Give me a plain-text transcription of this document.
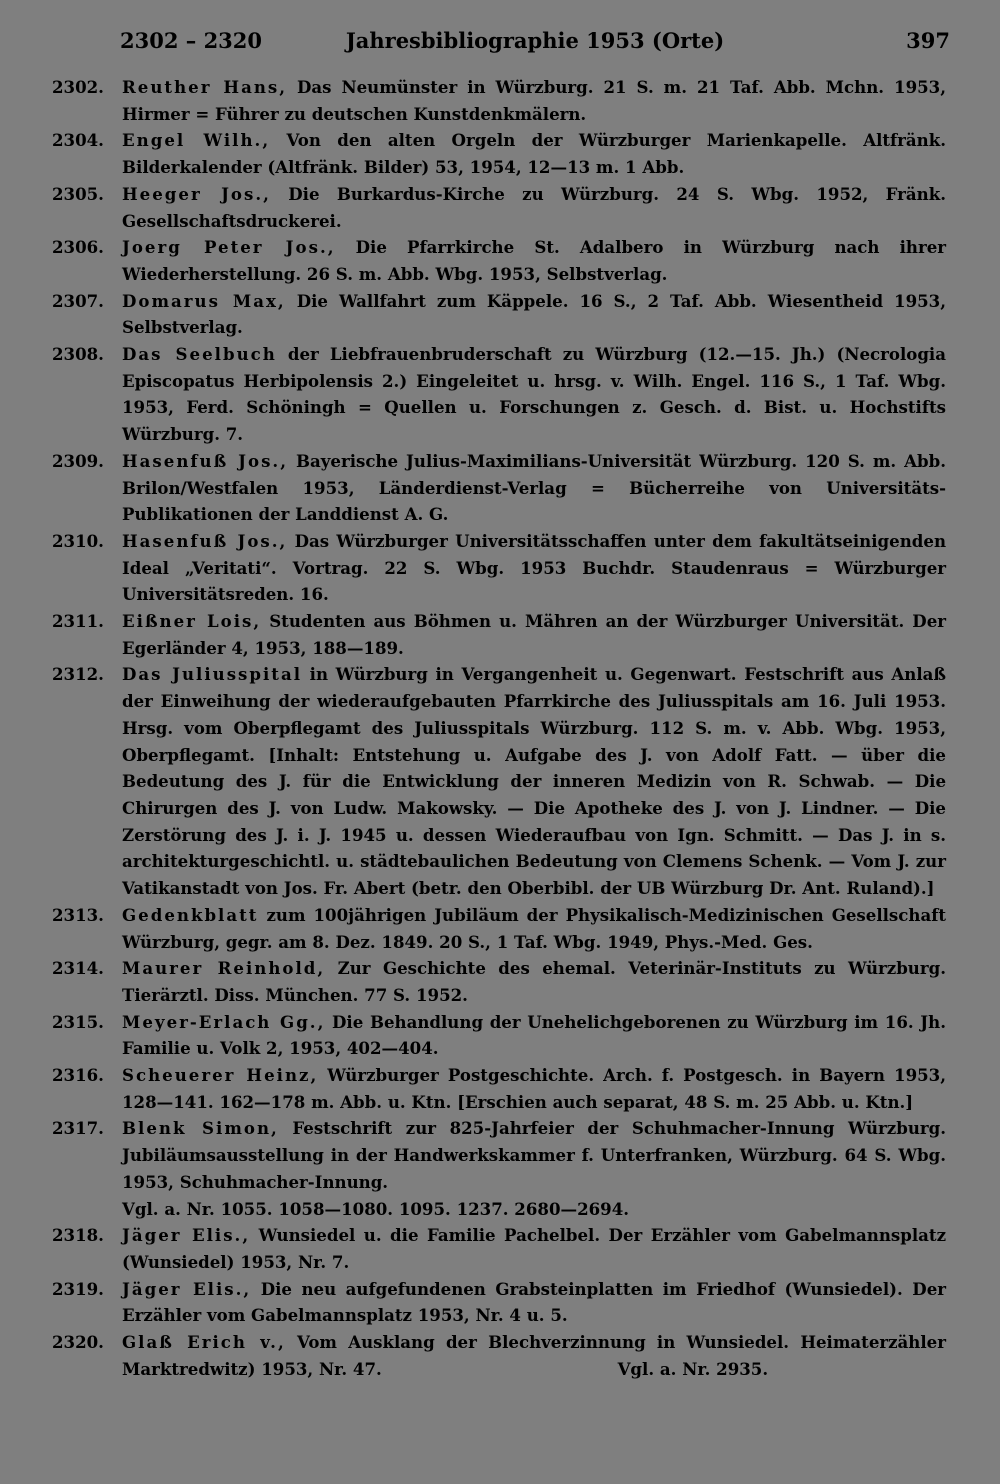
2302 – 2320	Jahresbibliographie 1953 (Orte)	397
2302.	Reuther Hans, Das Neumünster in Würzburg. 21 S. m. 21 Taf. Abb. Mchn. 1953, Hirmer = Führer zu deutschen Kunstdenkmälern.
2304.	Engel Wilh., Von den alten Orgeln der Würzburger Marienkapelle. Altfränk. Bilderkalender (Altfränk. Bilder) 53, 1954, 12—13 m. 1 Abb.
2305.	Heeger Jos., Die Burkardus-Kirche zu Würzburg. 24 S. Wbg. 1952, Fränk. Gesellschaftsdruckerei.
2306.	Joerg Peter Jos., Die Pfarrkirche St. Adalbero in Würzburg nach ihrer Wiederherstellung. 26 S. m. Abb. Wbg. 1953, Selbstverlag.
2307.	Domarus Max, Die Wallfahrt zum Käppele. 16 S., 2 Taf. Abb. Wiesentheid 1953, Selbstverlag.
2308.	Das Seelbuch der Liebfrauenbruderschaft zu Würzburg (12.—15. Jh.) (Necrologia Episcopatus Herbipolensis 2.) Eingeleitet u. hrsg. v. Wilh. Engel. 116 S., 1 Taf. Wbg. 1953, Ferd. Schöningh = Quellen u. Forschungen z. Gesch. d. Bist. u. Hochstifts Würzburg. 7.
2309.	Hasenfuß Jos., Bayerische Julius-Maximilians-Universität Würzburg. 120 S. m. Abb. Brilon/Westfalen 1953, Länderdienst-Verlag = Bücherreihe von Universitäts-Publikationen der Landdienst A. G.
2310.	Hasenfuß Jos., Das Würzburger Universitätsschaffen unter dem fakultätseinigenden Ideal „Veritati“. Vortrag. 22 S. Wbg. 1953 Buchdr. Staudenraus = Würzburger Universitätsreden. 16.
2311.	Eißner Lois, Studenten aus Böhmen u. Mähren an der Würzburger Universität. Der Egerländer 4, 1953, 188—189.
2312.	Das Juliusspital in Würzburg in Vergangenheit u. Gegenwart. Festschrift aus Anlaß der Einweihung der wiederaufgebauten Pfarrkirche des Juliusspitals am 16. Juli 1953. Hrsg. vom Oberpflegamt des Juliusspitals Würzburg. 112 S. m. v. Abb. Wbg. 1953, Oberpflegamt. [Inhalt: Entstehung u. Aufgabe des J. von Adolf Fatt. — über die Bedeutung des J. für die Entwicklung der inneren Medizin von R. Schwab. — Die Chirurgen des J. von Ludw. Makowsky. — Die Apotheke des J. von J. Lindner. — Die Zerstörung des J. i. J. 1945 u. dessen Wiederaufbau von Ign. Schmitt. — Das J. in s. architekturgeschichtl. u. städtebaulichen Bedeutung von Clemens Schenk. — Vom J. zur Vatikanstadt von Jos. Fr. Abert (betr. den Oberbibl. der UB Würzburg Dr. Ant. Ruland).]
2313.	Gedenkblatt zum 100jährigen Jubiläum der Physikalisch-Medizinischen Gesellschaft Würzburg, gegr. am 8. Dez. 1849. 20 S., 1 Taf. Wbg. 1949, Phys.-Med. Ges.
2314.	Maurer Reinhold, Zur Geschichte des ehemal. Veterinär-Instituts zu Würzburg. Tierärztl. Diss. München. 77 S. 1952.
2315.	Meyer-Erlach Gg., Die Behandlung der Unehelichgeborenen zu Würzburg im 16. Jh. Familie u. Volk 2, 1953, 402—404.
2316.	Scheuerer Heinz, Würzburger Postgeschichte. Arch. f. Postgesch. in Bayern 1953, 128—141. 162—178 m. Abb. u. Ktn. [Erschien auch separat, 48 S. m. 25 Abb. u. Ktn.]
2317.	Blenk Simon, Festschrift zur 825-Jahrfeier der Schuhmacher-Innung Würzburg. Jubiläumsausstellung in der Handwerkskammer f. Unterfranken, Würzburg. 64 S. Wbg. 1953, Schuhmacher-Innung.
Vgl. a. Nr. 1055. 1058—1080. 1095. 1237. 2680—2694.
2318.	Jäger Elis., Wunsiedel u. die Familie Pachelbel. Der Erzähler vom Gabelmannsplatz (Wunsiedel) 1953, Nr. 7.
2319.	Jäger Elis., Die neu aufgefundenen Grabsteinplatten im Friedhof (Wunsiedel). Der Erzähler vom Gabelmannsplatz 1953, Nr. 4 u. 5.
2320.	Glaß Erich v., Vom Ausklang der Blechverzinnung in Wunsiedel. Heimaterzähler Marktredwitz) 1953, Nr. 47.	Vgl. a. Nr. 2935.
